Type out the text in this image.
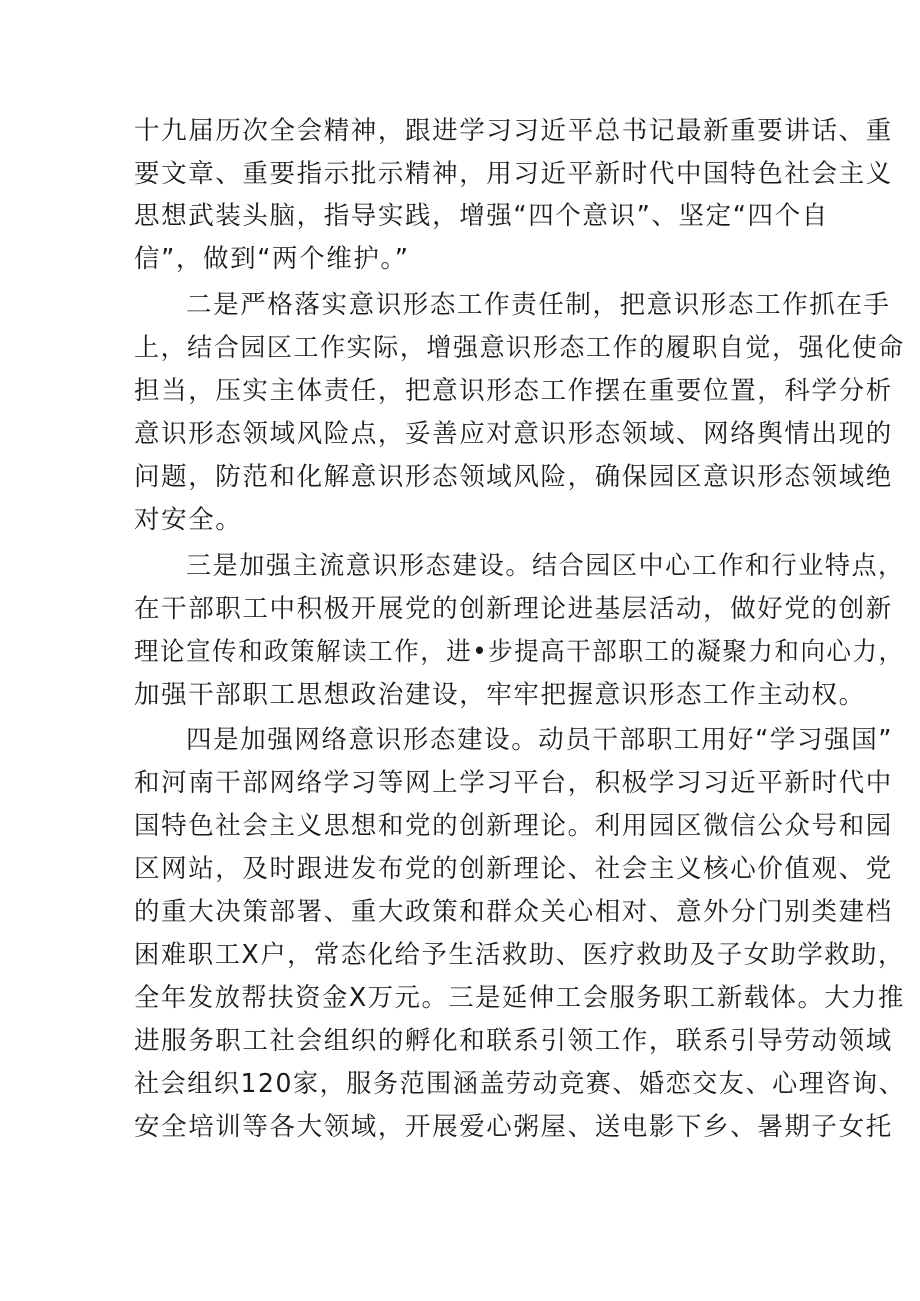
十九届历次全会精神，跟进学习习近平总书记最新重要讲话、重
要文章、重要指示批示精神，用习近平新时代中国特色社会主义
思想武装头脑，指导实践，增强“四个意识”、坚定“四个自
信”，做到“两个维护。”
二是严格落实意识形态工作责任制，把意识形态工作抓在手
上，结合园区工作实际，增强意识形态工作的履职自觉，强化使命
担当，压实主体责任，把意识形态工作摆在重要位置，科学分析
意识形态领域风险点，妥善应对意识形态领域、网络舆情出现的
问题，防范和化解意识形态领域风险，确保园区意识形态领域绝
对安全。
三是加强主流意识形态建设。结合园区中心工作和行业特点，
在干部职工中积极开展党的创新理论进基层活动，做好党的创新
理论宣传和政策解读工作，进•步提高干部职工的凝聚力和向心力，
加强干部职工思想政治建设，牢牢把握意识形态工作主动权。
四是加强网络意识形态建设。动员干部职工用好“学习强国”
和河南干部网络学习等网上学习平台，积极学习习近平新时代中
国特色社会主义思想和党的创新理论。利用园区微信公众号和园
区网站，及时跟进发布党的创新理论、社会主义核心价值观、党
的重大决策部署、重大政策和群众关心相对、意外分门别类建档
困难职工X户，常态化给予生活救助、医疗救助及子女助学救助，
全年发放帮扶资金X万元。三是延伸工会服务职工新载体。大力推
进服务职工社会组织的孵化和联系引领工作，联系引导劳动领域
社会组织120家，服务范围涵盖劳动竞赛、婚恋交友、心理咨询、
安全培训等各大领域，开展爱心粥屋、送电影下乡、暑期子女托
